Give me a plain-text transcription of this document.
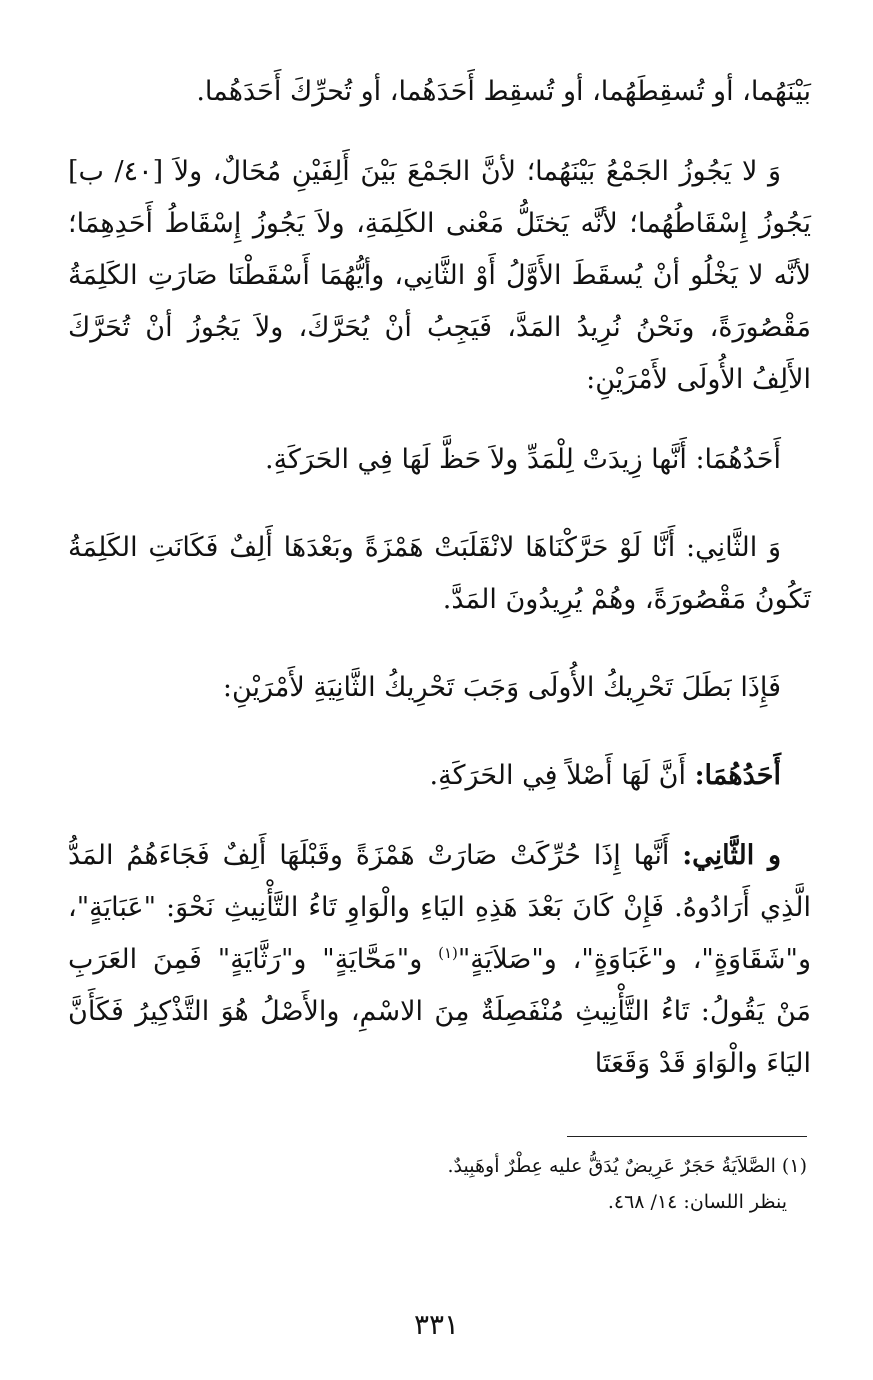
بَيْنَهُما، أو تُسقِطَهُما، أو تُسقِط أَحَدَهُما، أو تُحرِّكَ أَحَدَهُما.

وَ لا يَجُوزُ الجَمْعُ بَيْنَهُما؛ لأنَّ الجَمْعَ بَيْنَ أَلِفَيْنِ مُحَالٌ، ولاَ [٤٠/ ب] يَجُوزُ إِسْقَاطُهُما؛ لأنَّه يَختَلُّ مَعْنى الكَلِمَةِ، ولاَ يَجُوزُ إِسْقَاطُ أَحَدِهِمَا؛ لأنَّه لا يَخْلُو أنْ يُسقَطَ الأَوَّلُ أَوْ الثَّانِي، وأيُّهُمَا أَسْقَطْنَا صَارَتِ الكَلِمَةُ مَقْصُورَةً، ونَحْنُ نُرِيدُ المَدَّ، فَيَجِبُ أنْ يُحَرَّكَ، ولاَ يَجُوزُ أنْ تُحَرَّكَ الأَلِفُ الأُولَى لأَمْرَيْنِ:

أَحَدُهُمَا: أَنَّها زِيدَتْ لِلْمَدِّ ولاَ حَظَّ لَهَا فِي الحَرَكَةِ.

وَ الثَّانِي: أَنَّا لَوْ حَرَّكْنَاهَا لانْقَلَبَتْ هَمْزَةً وبَعْدَهَا أَلِفٌ فَكَانَتِ الكَلِمَةُ تَكُونُ مَقْصُورَةً، وهُمْ يُرِيدُونَ المَدَّ.

فَإِذَا بَطَلَ تَحْرِيكُ الأُولَى وَجَبَ تَحْرِيكُ الثَّانِيَةِ لأَمْرَيْنِ:

أَحَدُهُمَا: أَنَّ لَهَا أَصْلاً فِي الحَرَكَةِ.

و الثَّانِي: أَنَّها إِذَا حُرِّكَتْ صَارَتْ هَمْزَةً وقَبْلَهَا أَلِفٌ فَجَاءَهُمُ المَدُّ الَّذِي أَرَادُوهُ. فَإِنْ كَانَ بَعْدَ هَذِهِ اليَاءِ والْوَاوِ تَاءُ التَّأْنِيثِ نَحْوَ: "عَبَايَةٍ"، و"شَقَاوَةٍ"، و"غَبَاوَةٍ"، و"صَلاَيَةٍ"$^{(١)}$ و"مَحَّايَةٍ" و"رَثَّايَةٍ" فَمِنَ العَرَبِ مَنْ يَقُولُ: تَاءُ التَّأْنِيثِ مُنْفَصِلَةٌ مِنَ الاسْمِ، والأَصْلُ هُوَ التَّذْكِيرُ فَكَأَنَّ اليَاءَ والْوَاوَ قَدْ وَقَعَتَا

(١) الصَّلاَيَةُ حَجَرٌ عَرِيضٌ يُدَقُّ عليه عِطْرٌ أوهَبِيدٌ.

ينظر اللسان: ١٤/ ٤٦٨.

٣٣١
